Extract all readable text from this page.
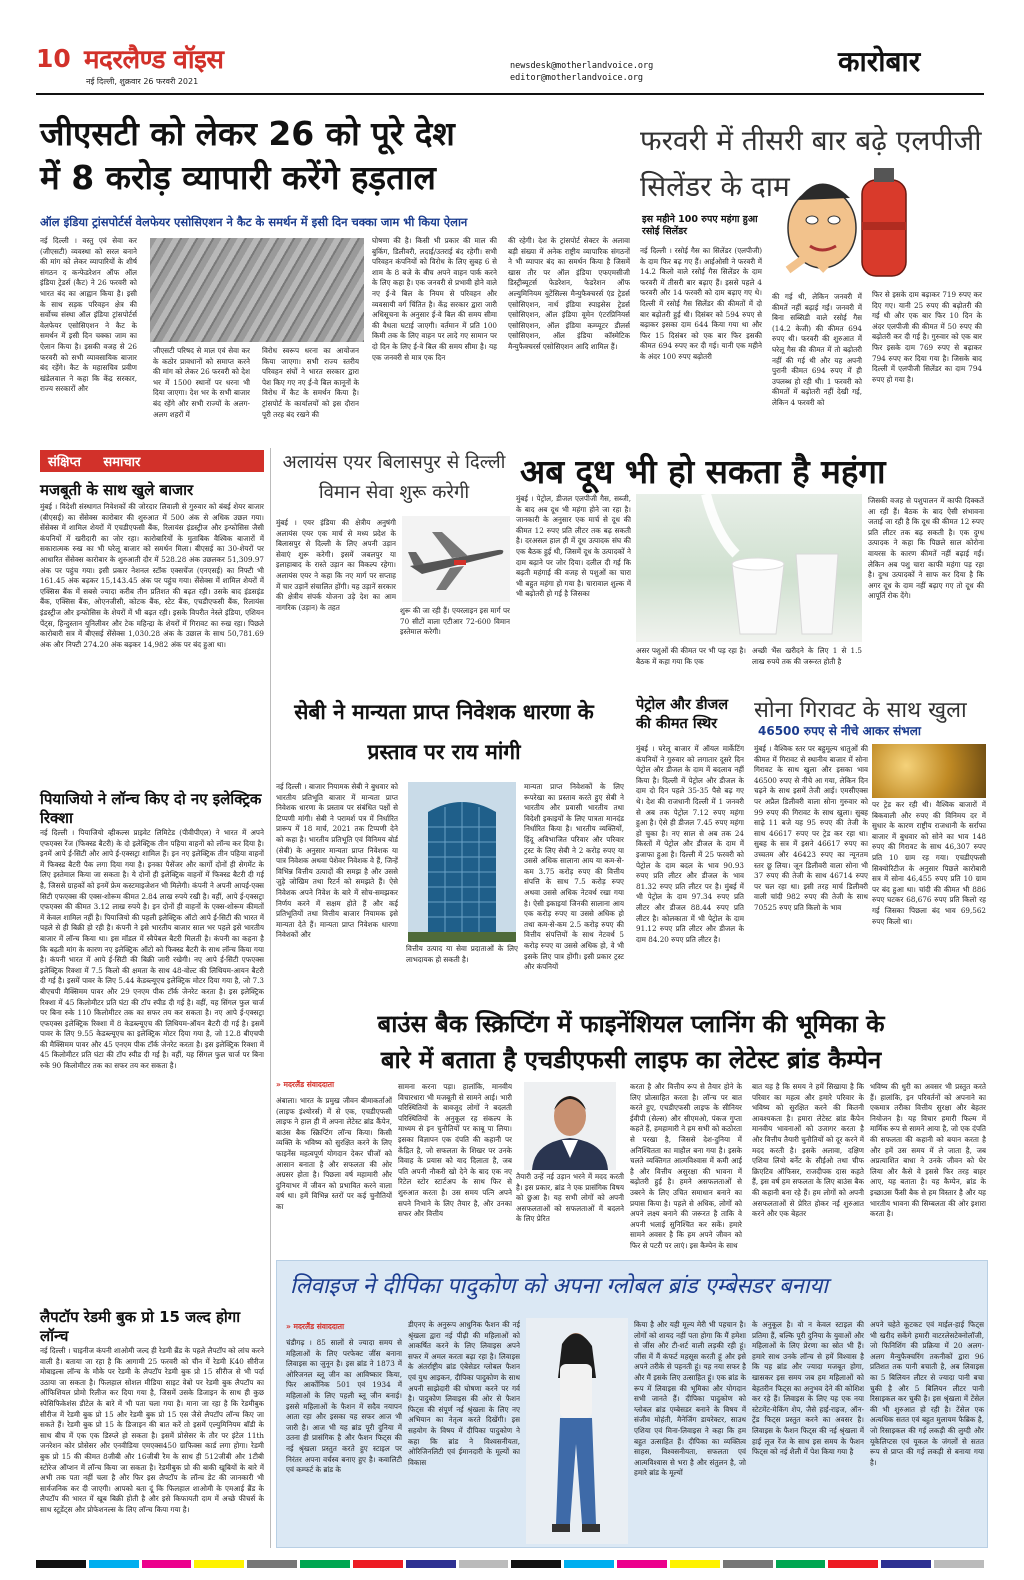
10 मदरलैण्ड वॉइस
नई दिल्ली, शुक्रवार 26 फरवरी 2021
newsdesk@motherlandvoice.org
editor@motherlandvoice.org	कारोबार
जीएसटी को लेकर 26 को पूरे देश
में 8 करोड़ व्यापारी करेंगे हड़ताल
ऑल इंडिया ट्रांसपोर्टर्स वेलफेयर एसोसिएशन ने कैट के समर्थन में इसी दिन चक्का जाम भी किया ऐलान
नई दिल्ली । वस्तु एवं सेवा कर (जीएसटी) व्यवस्था को सरल बनाने की मांग को लेकर व्यापारियों के शीर्ष संगठन द कन्फेडरेशन ऑफ ऑल इंडिया ट्रेडर्स (कैट) ने 26 फरवरी को भारत बंद का आह्वान किया है। इसी के साथ सड़क परिवहन क्षेत्र की सर्वोच्च संस्था ऑल इंडिया ट्रांसपोर्टर्स वेलफेयर एसोसिएशन ने कैट के समर्थन में इसी दिन चक्का जाम का ऐलान किया है। इसकी वजह से 26 फरवरी को सभी व्यावसायिक बाजार बंद रहेंगे। कैट के महासचिव प्रवीण खंडेलवाल ने कहा कि केंद्र सरकार, राज्य सरकारों और
जीएसटी परिषद से माल एवं सेवा कर के कठोर प्रावधानों को समाप्त करने की मांग को लेकर 26 फरवरी को देश भर में 1500 स्थानों पर धरना भी दिया जाएगा। देश भर के सभी बाजार बंद रहेंगे और सभी राज्यों के अलग-अलग शहरों में
विरोध स्वरूप धरना का आयोजन किया जाएगा। सभी राज्य स्तरीय परिवहन संघों ने भारत सरकार द्वारा पेश किए गए नए ई-वे बिल कानूनों के विरोध में कैट के समर्थन किया है। ट्रांसपोर्ट के कार्यालयों को इस दौरान पूरी तरह बंद रखने की
घोषणा की है। किसी भी प्रकार की माल की बुकिंग, डिलीवरी, लदाई/उतराई बंद रहेगी। सभी परिवहन कंपनियों को विरोध के लिए सुबह 6 से शाम के 8 बजे के बीच अपने वाहन पार्क करने के लिए कहा है। एक जनवरी से प्रभावी होने वाले नए ई-वे बिल के नियम से परिवहन और व्यवसायी वर्ग चिंतित है। केंद्र सरकार द्वारा जारी अधिसूचना के अनुसार ई-वे बिल की समय सीमा की वैधता घटाई जाएगी। वर्तमान में प्रति 100 किमी तक के लिए वाहन पर लादे गए सामान पर दो दिन के लिए ई-वे बिल की समय सीमा है। यह एक जनवरी से मात्र एक दिन
की रहेगी। देश के ट्रांसपोर्ट सेक्टर के अलावा बड़ी संख्या में अनेक राष्ट्रीय व्यापारिक संगठनों ने भी व्यापार बंद का समर्थन किया है जिसमें खास तौर पर ऑल इंडिया एफएमसीजी डिस्ट्रीब्यूटर्स फेडरेशन, फेडरेशन ऑफ अल्युमिनियम यूटेंसिल्स मैन्युफैक्चरर्स एंड ट्रेडर्स एसोसिएशन, नार्थ इंडिया स्पाइसेस ट्रेडर्स एसोसिएशन, ऑल इंडिया वूमेन एंटरप्रिनियर्स एसोसिएशन, ऑल इंडिया कम्प्यूटर डीलर्स एसोसिएशन, ऑल इंडिया कॉस्मेटिक मैन्युफैक्चरर्स एसोसिएशन आदि शामिल हैं।
फरवरी में तीसरी बार बढ़े एलपीजी सिलेंडर के दाम
इस महीने 100 रुपए महंगा हुआ रसोई सिलेंडर
नई दिल्ली । रसोई गैस का सिलेंडर (एलपीजी) के दाम फिर बढ़ गए हैं। आईओसी ने फरवरी में 14.2 किलो वाले रसोई गैस सिलेंडर के दाम फरवरी में तीसरी बार बढ़ाए हैं। इससे पहले 4 फरवरी और 14 फरवरी को दाम बढ़ाए गए थे। दिल्ली में रसोई गैस सिलेंडर की कीमतों में दो बार बढ़ोतरी हुई थी। दिसंबर को 594 रुपए से बढ़ाकर इसका दाम 644 किया गया था और फिर 15 दिसंबर को एक बार फिर इसकी कीमत 694 रुपए कर दी गई। यानी एक महीने के अंदर 100 रुपए बढ़ोतरी
की गई थी, लेकिन जनवरी में कीमतें नहीं बढ़ाई गईं। जनवरी में बिना सब्सिडी वाले रसोई गैस (14.2 केजी) की कीमत 694 रुपए थी। फरवरी की शुरुआत में घरेलू गैस की कीमत में तो बढ़ोतरी नहीं की गई थी और यह अपनी पुरानी कीमत 694 रुपए में ही उपलब्ध हो रही थी। 1 फरवरी को कीमतों में बढ़ोतरी नहीं देखी गई, लेकिन 4 फरवरी को
फिर से इसके दाम बढ़ाकर 719 रुपए कर दिए गए। यानी 25 रुपए की बढ़ोतरी की गई थी और एक बार फिर 10 दिन के अंदर एलपीजी की कीमत में 50 रुपए की बढ़ोतरी कर दी गई है। गुरुवार को एक बार फिर इसके दाम 769 रुपए से बढ़ाकर 794 रुपए कर दिया गया है। जिसके बाद दिल्ली में एलपीजी सिलेंडर का दाम 794 रुपए हो गया है।
संक्षिप्त समाचार
मजबूती के साथ खुले बाजार
मुंबई । विदेशी संस्थागत निवेशकों की जोरदार लिवाली से गुरुवार को बंबई शेयर बाजार (बीएसई) का सेंसेक्स कारोबार की शुरुआत में 500 अंक से अधिक उछल गया। सेंसेक्स में शामिल शेयरों में एचडीएफसी बैंक, रिलायंस इंडस्ट्रीज और इन्फोसिस जैसी कंपनियों में खरीदारी का जोर रहा। कारोबारियों के मुताबिक वैश्विक बाजारों में सकारात्मक रुख का भी घरेलू बाजार को समर्थन मिला। बीएसई का 30-शेयरों पर आधारित सेंसेक्स कारोबार के शुरुआती दौर में 528.28 अंक उछलकर 51,309.97 अंक पर पहुंच गया। इसी प्रकार नेशनल स्टॉक एक्सचेंज (एनएसई) का निफ्टी भी 161.45 अंक बढ़कर 15,143.45 अंक पर पहुंच गया। सेंसेक्स में शामिल शेयरों में एक्सिस बैंक में सबसे ज्यादा करीब तीन प्रतिशत की बढ़त रही। उसके बाद इंडसइंड बैंक, एक्सिस बैंक, ओएनजीसी, कोटक बैंक, स्टेट बैंक, एचडीएफसी बैंक, रिलायंस इंडस्ट्रीज और इन्फोसिस के शेयरों में भी बढ़त रही। इसके विपरीत नेस्ले इंडिया, एशियन पेंट्स, हिन्दुस्तान यूनिलीवर और टेक महिन्द्रा के शेयरों में गिरावट का रुख रहा। पिछले कारोबारी सत्र में बीएसई सेंसेक्स 1,030.28 अंक के उछाल के साथ 50,781.69 अंक और निफ्टी 274.20 अंक बढ़कर 14,982 अंक पर बंद हुआ था।
पियाजियो ने लॉन्च किए दो नए इलेक्ट्रिक रिक्शा
नई दिल्ली । पियाजियो व्हीकल्स प्राइवेट लिमिटेड (पीवीपीएल) ने भारत में अपने एफएक्स रेंज (फिक्स्ड बैटरी) के दो इलेक्ट्रिक तीन पहिया वाहनों को लॉन्च कर दिया है। इनमें आपे ई-सिटी और आपे ई-एक्सट्रा शामिल हैं। इन नए इलेक्ट्रिक तीन पहिया वाहनों में फिक्स्ड बैटरी पैक लगा दिया गया है। इनका पैसेंजर और कार्गो दोनों ही सेगमेंट के लिए इस्तेमाल किया जा सकता है। ये दोनों ही इलेक्ट्रिक वाहनों में फिक्स्ड बैटरी दी गई है, जिससे ग्राहकों को इनमें फ्रेम कस्टमाइजेशन भी मिलेगी। कंपनी ने अपनी आपई-एक्स सिटी एफएक्स की एक्स-शोरूम कीमत 2.84 लाख रुपये रखी है। वहीं, आपे ई-एक्सट्रा एफएक्स की कीमत 3.12 लाख रुपये है। इन दोनों ही वाहनों के एक्स-शोरूम कीमतों में केवल शामिल नहीं है। पियाजियो की पहली इलेक्ट्रिक ऑटो आपे ई-सिटी की भारत में पहले से ही बिक्री हो रही है। कंपनी ने इसे भारतीय बाजार साल भर पहले इसे भारतीय बाजार में लॉन्च किया था। इस मॉडल में स्वैपेबल बैटरी मिलती है। कंपनी का कहना है कि बढ़ती मांग के कारण नए इलेक्ट्रिक ऑटो को फिक्स्ड बैटरी के साथ लॉन्च किया गया है। कंपनी भारत में आपे ई-सिटी की बिक्री जारी रखेगी। नए आपे ई-सिटी एफएक्स इलेक्ट्रिक रिक्शा में 7.5 किलो की क्षमता के साथ 48-वोल्ट की लिथियम-आयन बैटरी दी गई है। इसमें पावर के लिए 5.44 केडब्ल्यूएच इलेक्ट्रिक मोटर दिया गया है, जो 7.3 बीएचपी मैक्सिमम पावर और 29 एनएम पीक टॉर्क जेनरेट करता है। इस इलेक्ट्रिक रिक्शा में 45 किलोमीटर प्रति घंटा की टॉप स्पीड दी गई है। वहीं, यह सिंगल फुल चार्ज पर बिना रुके 110 किलोमीटर तक का सफर तय कर सकता है। नए आपे ई-एक्सट्रा एफएक्स इलेक्ट्रिक रिक्शा में 8 केडब्ल्यूएच की लिथियम-ऑयन बैटरी दी गई है। इसमें पावर के लिए 9.55 केडब्ल्यूएच का इलेक्ट्रिक मोटर दिया गया है, जो 12.8 बीएचपी की मैक्सिमम पावर और 45 एनएम पीक टॉर्क जेनरेट करता है। इस इलेक्ट्रिक रिक्शा में 45 किलोमीटर प्रति घंटा की टॉप स्पीड दी गई है। वहीं, यह सिंगल फुल चार्ज पर बिना रुके 90 किलोमीटर तक का सफर तय कर सकता है।
लैपटॉप रेडमी बुक प्रो 15 जल्द होगा लॉन्च
नई दिल्ली । चाइनीज कंपनी शाओमी जल्द ही रेडमी ब्रैंड के पहले लैपटॉप को लांच करने वाली है। बताया जा रहा है कि आगामी 25 फरवरी को चीन में रेडमी K40 सीरीज मोबाइल्स लॉन्च के मौके पर रेडमी के लैपटॉप रेडमी बुक प्रो 15 सीरीज से भी पर्दा उठाया जा सकता है। फिलहाल सोशल मीडिया साइट वेबो पर रेडमी बुक लैपटॉप का ऑफिशियल प्रोमो रिलीज कर दिया गया है, जिसमें उसके डिजाइन के साथ ही कुछ स्पेसिफिकेशंस डीटेल के बारे में भी पता चला गया है। माना जा रहा है कि रेडमीबुक सीरीज में रेडमी बुक प्रो 15 और रेडमी बुक प्रो 15 एस जैसे लैपटॉप लॉन्च किए जा सकते हैं। रेडमी बुक प्रो 15 के डिजाइन की बात करें तो इसमें एल्युमिनियम बॉडी के साथ बीच में एक एक डिस्प्ले हो सकता है। इसमें प्रोसेसर के तौर पर इंटेल 11th जनरेशन कोर प्रोसेसर और एनवीडिया एमएक्स450 ग्राफिक्स कार्ड लगा होगा। रेडमी बुक प्रो 15 की कीमत 8जीबी और 16जीबी रैम के साथ ही 512जीबी और 1टीबी स्टोरेज ऑप्शन में लॉन्च किया जा सकता है। रेडमीबुक प्रो की बाकी खूबियों के बारे में अभी तक पता नहीं चला है और फिर इस लैपटॉप के लॉन्च डेट की जानकारी भी सार्वजनिक कर दी जाएगी। आपको बता दूं कि फिलहाल शाओमी के एमआई ब्रैंड के लैपटॉप की भारत में खूब बिक्री होती है और इसे किफायती दाम में अच्छे फीचर्स के साथ स्टूडेंट्स और प्रोफेशनल्स के लिए लॉन्च किया गया है।
अलायंस एयर बिलासपुर से दिल्ली विमान सेवा शुरू करेगी
मुंबई । एयर इंडिया की क्षेत्रीय अनुषंगी अलायंस एयर एक मार्च से मध्य प्रदेश के बिलासपुर से दिल्ली के लिए अपनी उड़ान सेवाएं शुरू करेगी। इसमें जबलपुर या इलाहाबाद के रास्ते उड़ान का विकल्प रहेगा। अलायंस एयर ने कहा कि नए मार्ग पर सप्ताह में चार उड़ानें संचालित होंगी। यह उड़ानें सरकार की क्षेत्रीय संपर्क योजना उड़े देश का आम नागरिक (उड़ान) के तहत	शुरू की जा रही हैं। एयरलाइन इस मार्ग पर 70 सीटों वाला एटीआर 72-600 विमान इस्तेमाल करेगी।
अब दूध भी हो सकता है महंगा
मुंबई । पेट्रोल, डीजल एलपीजी गैस, सब्जी, के बाद अब दूध भी महंगा होने जा रहा है। जानकारी के अनुसार एक मार्च से दूध की कीमत 12 रुपए प्रति लीटर तक बढ़ सकती है। दरअसल हाल ही में दूध उत्पादक संघ की एक बैठक हुई थी, जिसमें दूध के उत्पादकों ने दाम बढ़ाने पर जोर दिया। दलील दी गई कि बढ़ती महंगाई की वजह से पशुओं का चारा भी बहुत महंगा हो गया है। चारावाल शुल्क में भी बढ़ोतरी हो गई है जिसका
असर पशुओं की कीमत पर भी पड़ रहा है। बैठक में कहा गया कि एक
अच्छी भैंस खरीदने के लिए 1 से 1.5 लाख रुपये तक की जरूरत होती है
जिसकी वजह से पशुपालन में काफी दिक्कतें आ रही हैं। बैठक के बाद ऐसी संभावना जताई जा रही है कि दूध की कीमत 12 रुपए प्रति लीटर तक बढ़ सकती है। एक दुग्ध उत्पादक ने कहा कि पिछले साल कोरोना वायरस के कारण कीमतें नहीं बढ़ाई गईं। लेकिन अब पशु चारा काफी महंगा पड़ रहा है। दुग्ध उत्पादकों ने साफ कर दिया है कि अगर दूध के दाम नहीं बढ़ाए गए तो दूध की आपूर्ति रोक देंगे।
सेबी ने मान्यता प्राप्त निवेशक धारणा के प्रस्ताव पर राय मांगी
नई दिल्ली । बाजार नियामक सेबी ने बुधवार को भारतीय प्रतिभूति बाजार में मान्यता प्राप्त निवेशक धारणा के प्रस्ताव पर संबंधित पक्षों से टिप्पणी मांगी। सेबी ने परामर्श पत्र में निर्धारित प्रारूप में 18 मार्च, 2021 तक टिप्पणी देने को कहा है। भारतीय प्रतिभूति एवं विनिमय बोर्ड (सेबी) के अनुसार मान्यता प्राप्त निवेशक या पात्र निवेशक अथवा पेशेवर निवेशक वे हैं, जिन्हें विभिन्न वित्तीय उत्पादों की समझ है और उससे जुड़े जोखिम तथा रिटर्न को समझते हैं। ऐसे निवेशक अपने निवेश के बारे में सोच-समझकर निर्णय करने में सक्षम होते हैं और कई प्रतिभूतियों तथा वित्तीय बाजार नियामक इसे मान्यता देते हैं। मान्यता प्राप्त निवेशक धारणा निवेशकों और
वित्तीय उत्पाद या सेवा प्रदाताओं के लिए लाभदायक हो सकती है।
मान्यता प्राप्त निवेशकों के लिए रूपरेखा का प्रस्ताव करते हुए सेबी ने भारतीय और प्रवासी भारतीय तथा विदेशी इकाइयों के लिए पात्रता मानदंड निर्धारित किया है। भारतीय व्यक्तियों, हिंदू अविभाजित परिवार और परिवार ट्रस्ट के लिए सेबी ने 2 करोड़ रुपए या उससे अधिक सालाना आय या कम-से-कम 3.75 करोड़ रुपए की वित्तीय संपत्ति के साथ 7.5 करोड़ रुपए अथवा उससे अधिक नेटवर्थ रखा गया है। ऐसी इकाइयां जिनकी सालाना आय एक करोड़ रुपए या उससे अधिक हो तथा कम-से-कम 2.5 करोड़ रुपए की वित्तीय संपत्तियों के साथ नेटवर्थ 5 करोड़ रुपए या उससे अधिक हो, वे भी इसके लिए पात्र होंगी। इसी प्रकार ट्रस्ट और कंपनियों
पेट्रोल और डीजल की कीमत स्थिर
मुंबई । घरेलू बाजार में ऑयल मार्केटिंग कंपनियों ने गुरुवार को लगातार दूसरे दिन पेट्रोल और डीजल के दाम में बदलाव नहीं किया है। दिल्ली में पेट्रोल और डीजल के दाम दो दिन पहले 35-35 पैसे बढ़ गए थे। देश की राजधानी दिल्ली में 1 जनवरी से अब तक पेट्रोल 7.12 रुपए महंगा हुआ है। ऐसे ही डीजल 7.45 रुपए महंगा हो चुका है। नए साल से अब तक 24 किस्तों में पेट्रोल और डीजल के दाम में इजाफा हुआ है। दिल्ली में 25 फरवरी को पेट्रोल के दाम बदल के भाव 90.93 रुपए प्रति लीटर और डीजल के भाव 81.32 रुपए प्रति लीटर पर है। मुंबई में भी पेट्रोल के दाम 97.34 रुपए प्रति लीटर और डीजल 88.44 रुपए प्रति लीटर है। कोलकाता में भी पेट्रोल के दाम 91.12 रुपए प्रति लीटर और डीजल के दाम 84.20 रुपए प्रति लीटर है।
सोना गिरावट के साथ खुला
46500 रुपए से नीचे आकर संभला
मुंबई । वैश्विक स्तर पर बहुमूल्य धातुओं की कीमत में गिरावट से स्थानीय बाजार में सोना गिरावट के साथ खुला और इसका भाव 46500 रुपए से नीचे आ गया, लेकिन दिन चढ़ने के साथ इसमें तेजी आई। एमसीएक्स पर अप्रैल डिलीवरी वाला सोना गुरुवार को 99 रुपए की गिरावट के साथ खुला। सुबह साढ़े 11 बजे यह 95 रुपए की तेजी के साथ 46617 रुपए पर ट्रेड कर रहा था। सुबह के सत्र में इसने 46617 रुपए का उच्चतम और 46423 रुपए का न्यूनतम स्तर छू लिया। जून डिलीवरी वाला सोना भी 37 रुपए की तेजी के साथ 46714 रुपए पर चल रहा था। इसी तरह मार्च डिलीवरी वाली चांदी 982 रुपए की तेजी के साथ 70525 रुपए प्रति किलो के भाव
पर ट्रेड कर रही थी। वैश्विक बाजारों में बिकवाली और रुपए की विनिमय दर में सुधार के कारण राष्ट्रीय राजधानी के सर्राफा बाजार में बुधवार को सोने का भाव 148 रुपए की गिरावट के साथ 46,307 रुपए प्रति 10 ग्राम रह गया। एचडीएफसी सिक्योरिटीज के अनुसार पिछले कारोबारी सत्र में सोना 46,455 रुपए प्रति 10 ग्राम पर बंद हुआ था। चांदी की कीमत भी 886 रुपए घटकर 68,676 रुपए प्रति किलो रह गई जिसका पिछला बंद भाव 69,562 रुपए किलो था।
बाउंस बैक स्क्रिप्टिंग में फाइनेंशियल प्लानिंग की भूमिका के
बारे में बताता है एचडीएफसी लाइफ का लेटेस्ट ब्रांड कैम्पेन
» मदरलैंड संवाददाता
अंबाला। भारत के प्रमुख जीवन बीमाकर्ताओं (लाइफ इंश्योरर्स) में से एक, एचडीएफसी लाइफ ने हाल ही में अपना लेटेस्ट ब्रांड कैंपेन, बाउंस बैक स्क्रिप्टिंग लॉन्च किया। किसी व्यक्ति के भविष्य को सुरक्षित करने के लिए फाइनेंस महत्वपूर्ण योगदान देकर चीजों को आसान बनाता है और सफलता की ओर अग्रसर होता है। पिछला वर्ष महामारी और दुनियाभर में जीवन को प्रभावित करने वाला वर्ष था। हमें विभिन्न स्तरों पर कई चुनौतियों का
सामना करना पड़ा। हालांकि, मानवीय विचारधारा भी मजबूती से सामने आई। भारी परिस्थितियों के बावजूद लोगों ने बदलती परिस्थितियों के अनुकूल रह संकल्प के माध्यम से इन चुनौतियों पर काबू पा लिया। इसका विज्ञापन एक दंपति की कहानी पर केंद्रित है, जो सफलता के शिखर पर उनके विवाह के प्रयास को याद दिलाता है, जब पति अपनी नौकरी खो देने के बाद एक नए रिटेल स्टोर स्टार्टअप के साथ फिर से शुरुआत करता है। उस समय पत्नि अपने सपने निभाने के लिए तैयार है, और उनका सफर और वित्तीय
तैयारी उन्हें नई उड़ान भरने में मदद करती है। इस प्रकार, ब्रांड ने एक प्रासंगिक विषय को छुआ है। यह सभी लोगों को अपनी असफलताओं को सफलताओं में बदलने के लिए प्रेरित
करता है और वित्तीय रूप से तैयार होने के लिए प्रोत्साहित करता है। लॉन्च पर बात करते हुए, एचडीएफसी लाइफ के सीनियर ईवीपी (सेल्स) और सीएमओ, पंकज गुप्ता कहते हैं, हमहामारी ने हम सभी को कठोरता से परखा है, जिससे देश-दुनिया में अनिश्चितता का माहौल बना गया है। इसके चलते व्यक्तिगत आत्मविश्वास में कमी आई है और वित्तीय असुरक्षा की भावना में बढ़ोतरी हुई है। हमने असफलताओं से उबरने के लिए उचित समाधान बनाने का प्रयास किया है। पहले से अधिक, लोगों को अपने लक्ष्य बनाने की जरूरत है ताकि वे अपनी भलाई सुनिश्चित कर सकें। हमारे सामने अवसर है कि हम अपने जीवन को फिर से पटरी पर लाएं। इस कैम्पेन के साथ
बात यह है कि समय ने हमें सिखाया है कि परिवार का महत्व और हमारे परिवार के भविष्य को सुरक्षित करने की कितनी आवश्यकता है। हमारा लेटेस्ट ब्रांड कैंपेन मानवीय भावनाओं को उजागर करता है और वित्तीय तैयारी चुनौतियों को दूर करने में मदद करती है। इसके अलावा, दक्षिण एशिया लियो बर्नेट के सीईओ तथा चीफ क्रिएटिव ऑफिसर, राजदीपक दास कहते हैं, इस वर्ष हम सफलता के लिए बाउंस बैक की कहानी बना रहे हैं। हम लोगों को अपनी असफलताओं से प्रेरित होकर नई शुरुआत करने और एक बेहतर
भविष्य की धुरी का अवसर भी प्रस्तुत करते हैं। हालांकि, इन परिवर्तनों को अपनाने का एकमात्र तरीका वित्तीय सुरक्षा और बेहतर नियोजन है। यह विचार हमारी फिल्म में मार्मिक रूप से सामने आया है, जो एक दंपति की सफलता की कहानी को बयान करता है और हमें उस समय में ले जाता है, जब अप्रत्याशित बाधा ने उनके जीवन को घेर लिया और कैसे वे इससे फिर तरह बाहर आए, यह बताता है। यह कैम्पेन, ब्रांड के इच्छाउस फैंसी बैक से हम विस्तार है और यह भारतीय भावना की सिम्बलता की ओर इशारा करता है।
लिवाइज ने दीपिका पादुकोण को अपना ग्लोबल ब्रांड एम्बेसडर बनाया
» मदरलैंड संवाददाता
चंडीगढ़ । 85 सालों से ज्यादा समय से महिलाओं के लिए परफेक्ट जींस बनाना लिवाइस का जुनून है। इस ब्रांड ने 1873 में ओरिजनल ब्लू जीन का आविष्कार किया, फिर आर्कोनिक 501 एवं 1934 में महिलाओं के लिए पहली ब्लू जीन बनाई। इससे महिलाओं के फैशन में सदैव नयापन आता रहा और इसका यह सफर आज भी जारी है। आज भी यह ब्रांड पूरी दुनिया में उतना ही प्रासंगिक है और फैशन फिट्स की नई श्रृंखला प्रस्तुत करते हुए स्टाइल पर निरंतर अपना वर्चस्व बनाए हुए है। कवालिटी एवं कम्फर्ट के ब्रांड के
डीएनए के अनुरूप आधुनिक फैशन की नई श्रृंखला द्वारा नई पीढ़ी की महिलाओं को आकर्षित करने के लिए लिवाइस अपने सफर में अमल करता बढ़ा रहा है। लिवाइस के अंतर्राष्ट्रीय ब्रांड एंबेसेडर ग्लोबल फैशन एवं युथ आइकन, दीपिका पादुकोण के साथ अपनी साझेदारी की घोषणा करने पर गर्व है। पादुकोण लिवाइस की ओर से फैशन फिट्स की संपूर्ण नई श्रृंखला के लिए नए अभियान का नेतृत्व करते दिखेंगी। इस सहयोग के विषय में दीपिका पादुकोण ने कहा कि ब्रांड ने विश्वसनीयता, ओरिजिनलिटी एवं ईमानदारी के मूल्यों का विकास
किया है और यही मूल्य मेरी भी पहचान है। लोगों को शायद नहीं पता होगा कि मैं हमेशा से जींस और टी-शर्ट वाली लड़की रही हूं। जींस में मैं कंफर्ट महसूस करती हूं और इसे अपने तरीके से पहनती हूं। यह नया सफर है और मैं इसके लिए उत्साहित हूं। एक ब्रांड के रूप में लिवाइस की भूमिका और योगदान सभी जानते हैं। दीपिका पादुकोण को ग्लोबल ब्रांड एम्बेसडर बनाने के विषय में संजीव मोहंती, मैनेजिंग डायरेक्टर, साउथ एशिया एवं मिना-लिवाइस ने कहा कि हम बहुत उत्साहित हैं। दीपिका का व्यक्तित्व साहस, विश्वसनीयता, सफलता एवं आत्मविश्वास से भरा है और संतुलन है, जो हमारे ब्रांड के मूल्यों
के अनुकूल है। वो न केवल स्टाइल की प्रतिमा हैं, बल्कि पूरी दुनिया के युवाओं और महिलाओं के लिए प्रेरणा का स्रोत भी हैं। हमारे साथ उनके लॉन्च से हमें विश्वास है कि यह ब्रांड और ज्यादा मजबूत होगा, खासकर इस समय जब हम महिलाओं को बेहतरीन फिट्स का अनुभव देने की कोशिश कर रहे हैं। लिवाइस के लिए यह एक नया स्टेटमेंट-मेकिंग शेप, जैसे हाई-राइज, ऑन-ट्रेंड फिट्स प्रस्तुत करने का अवसर है। लिवाइस के फैशन फिट्स की नई श्रृंखला में हाई लूज रेंज के साथ इस समय के फैशन फिट्स को नई शैली में पेश किया गया है
अपने चहेते कूटकट एवं माईल-हाई फिट्स भी खरीद सकेंगे हमारी वाटरलेसटेक्नोलॉजी, जो फिनिशिंग की प्रक्रिया में 20 अलग-अलग मैन्युफैक्चरिंग तकनीकों द्वारा 96 प्रतिशत तक पानी बचाती है, अब लिवाइस का 5 बिलियन लीटर से ज्यादा पानी बचा चुकी है और 5 बिलियन लीटर पानी रिसाइकल कर चुकी है। इस श्रृंखला में टेंसेल की भी शुरुआत हो रही है। टेंसेल एक अत्यधिक सतत एवं बहुत मुलायम फैब्रिक है, जो रिसाइकल की गई लकड़ी की लुग्दी और यूकेलिप्टस एवं यूकल के जंगलों से सतत रूप से प्राप्त की गई लकड़ी से बनाया गया है।
